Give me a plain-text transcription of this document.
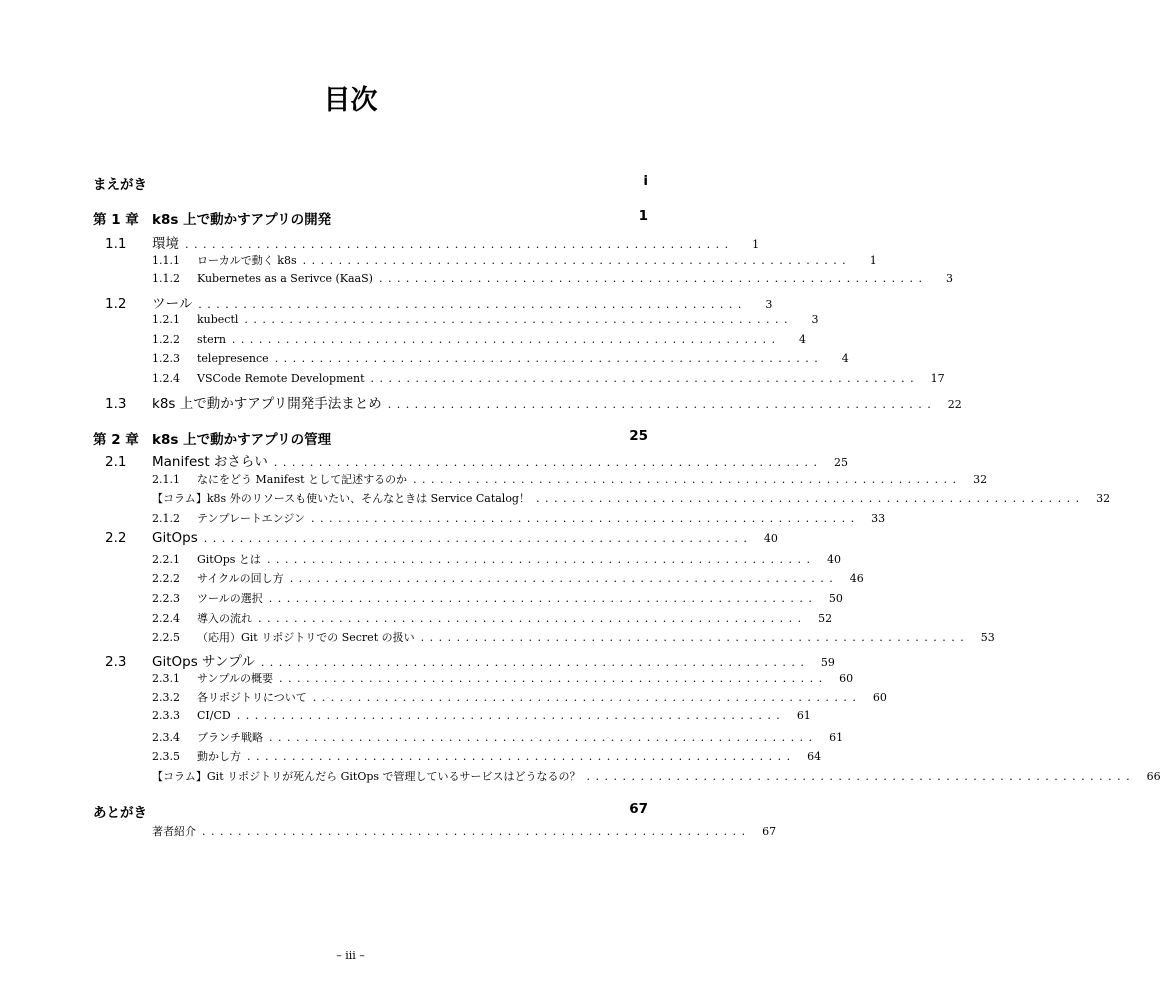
目次
まえがき	i
第 1 章 k8s 上で動かすアプリの開発	1
1.1	環境 . . . . . . . . . . . . . . . . . . . . . . . . . . . . . . . . . . . . . . . . . . . . . . . . . . . . . . . . . . . . .	1
1.1.1	ローカルで動く k8s . . . . . . . . . . . . . . . . . . . . . . . . . . . . . . . . . . . . . . . . . . . . . . . . . . . . . . . . . . . . .	1
1.1.2	Kubernetes as a Serivce (KaaS) . . . . . . . . . . . . . . . . . . . . . . . . . . . . . . . . . . . . . . . . . . . . . . . . . . . . . . . . . . . . .	3
1.2	ツール . . . . . . . . . . . . . . . . . . . . . . . . . . . . . . . . . . . . . . . . . . . . . . . . . . . . . . . . . . . . .	3
1.2.1	kubectl . . . . . . . . . . . . . . . . . . . . . . . . . . . . . . . . . . . . . . . . . . . . . . . . . . . . . . . . . . . . .	3
1.2.2	stern . . . . . . . . . . . . . . . . . . . . . . . . . . . . . . . . . . . . . . . . . . . . . . . . . . . . . . . . . . . . .	4
1.2.3	telepresence . . . . . . . . . . . . . . . . . . . . . . . . . . . . . . . . . . . . . . . . . . . . . . . . . . . . . . . . . . . . .	4
1.2.4	VSCode Remote Development . . . . . . . . . . . . . . . . . . . . . . . . . . . . . . . . . . . . . . . . . . . . . . . . . . . . . . . . . . . . .	17
1.3	k8s 上で動かすアプリ開発手法まとめ . . . . . . . . . . . . . . . . . . . . . . . . . . . . . . . . . . . . . . . . . . . . . . . . . . . . . . . . . . . . .	22
第 2 章 k8s 上で動かすアプリの管理	25
2.1	Manifest おさらい . . . . . . . . . . . . . . . . . . . . . . . . . . . . . . . . . . . . . . . . . . . . . . . . . . . . . . . . . . . . .	25
2.1.1	なにをどう Manifest として記述するのか . . . . . . . . . . . . . . . . . . . . . . . . . . . . . . . . . . . . . . . . . . . . . . . . . . . . . . . . . . . . .	32
【コラム】k8s 外のリソースも使いたい、そんなときは Service Catalog！ . . . . . . . . . . . . . . . . . . . . . . . . . . . . . . . . . . . . . . . . . . . . . . . . . . . . . . . . . . . . .	32
2.1.2	テンプレートエンジン . . . . . . . . . . . . . . . . . . . . . . . . . . . . . . . . . . . . . . . . . . . . . . . . . . . . . . . . . . . . .	33
2.2	GitOps . . . . . . . . . . . . . . . . . . . . . . . . . . . . . . . . . . . . . . . . . . . . . . . . . . . . . . . . . . . . .	40
2.2.1	GitOps とは . . . . . . . . . . . . . . . . . . . . . . . . . . . . . . . . . . . . . . . . . . . . . . . . . . . . . . . . . . . . .	40
2.2.2	サイクルの回し方 . . . . . . . . . . . . . . . . . . . . . . . . . . . . . . . . . . . . . . . . . . . . . . . . . . . . . . . . . . . . .	46
2.2.3	ツールの選択 . . . . . . . . . . . . . . . . . . . . . . . . . . . . . . . . . . . . . . . . . . . . . . . . . . . . . . . . . . . . .	50
2.2.4	導入の流れ . . . . . . . . . . . . . . . . . . . . . . . . . . . . . . . . . . . . . . . . . . . . . . . . . . . . . . . . . . . . .	52
2.2.5	（応用）Git リポジトリでの Secret の扱い . . . . . . . . . . . . . . . . . . . . . . . . . . . . . . . . . . . . . . . . . . . . . . . . . . . . . . . . . . . . .	53
2.3	GitOps サンプル . . . . . . . . . . . . . . . . . . . . . . . . . . . . . . . . . . . . . . . . . . . . . . . . . . . . . . . . . . . . .	59
2.3.1	サンプルの概要 . . . . . . . . . . . . . . . . . . . . . . . . . . . . . . . . . . . . . . . . . . . . . . . . . . . . . . . . . . . . .	60
2.3.2	各リポジトリについて . . . . . . . . . . . . . . . . . . . . . . . . . . . . . . . . . . . . . . . . . . . . . . . . . . . . . . . . . . . . .	60
2.3.3	CI/CD . . . . . . . . . . . . . . . . . . . . . . . . . . . . . . . . . . . . . . . . . . . . . . . . . . . . . . . . . . . . .	61
2.3.4	ブランチ戦略 . . . . . . . . . . . . . . . . . . . . . . . . . . . . . . . . . . . . . . . . . . . . . . . . . . . . . . . . . . . . .	61
2.3.5	動かし方 . . . . . . . . . . . . . . . . . . . . . . . . . . . . . . . . . . . . . . . . . . . . . . . . . . . . . . . . . . . . .	64
【コラム】Git リポジトリが死んだら GitOps で管理しているサービスはどうなるの？ . . . . . . . . . . . . . . . . . . . . . . . . . . . . . . . . . . . . . . . . . . . . . . . . . . . . . . . . . . . . .	66
あとがき	67
著者紹介 . . . . . . . . . . . . . . . . . . . . . . . . . . . . . . . . . . . . . . . . . . . . . . . . . . . . . . . . . . . . .	67
– iii –
